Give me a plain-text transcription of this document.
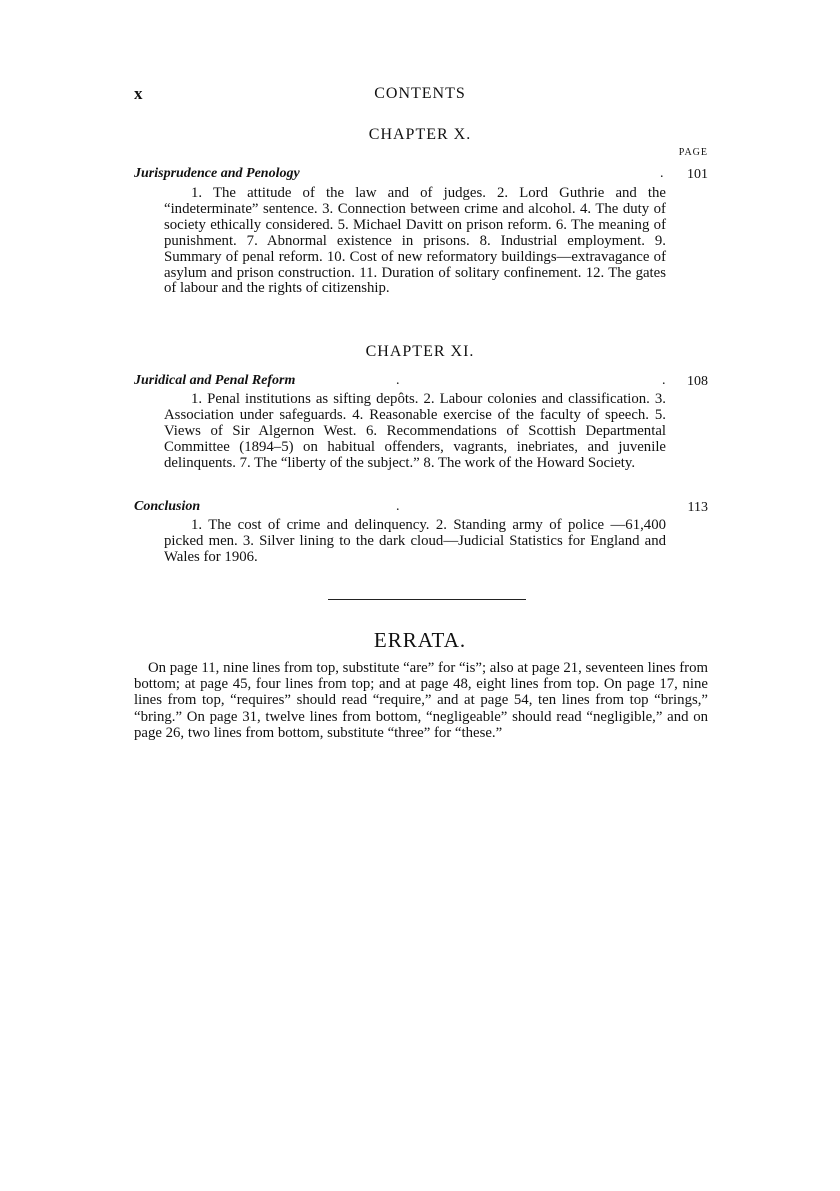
x	CONTENTS
CHAPTER X.
PAGE
Jurisprudence and Penology	.	101
1. The attitude of the law and of judges. 2. Lord Guthrie and the “indeterminate” sentence. 3. Connection between crime and alcohol. 4. The duty of society ethically considered. 5. Michael Davitt on prison reform. 6. The meaning of punishment. 7. Abnormal existence in prisons. 8. Industrial employment. 9. Summary of penal reform. 10. Cost of new reformatory buildings—extravagance of asylum and prison construction. 11. Duration of solitary confinement. 12. The gates of labour and the rights of citizenship.
CHAPTER XI.
Juridical and Penal Reform	.	.	108
1. Penal institutions as sifting depôts. 2. Labour colonies and classification. 3. Association under safeguards. 4. Reasonable exercise of the faculty of speech. 5. Views of Sir Algernon West. 6. Recommendations of Scottish Departmental Committee (1894–5) on habitual offenders, vagrants, inebriates, and juvenile delinquents. 7. The “liberty of the subject.” 8. The work of the Howard Society.
Conclusion	.	113
1. The cost of crime and delinquency. 2. Standing army of police —61,400 picked men. 3. Silver lining to the dark cloud—Judicial Statistics for England and Wales for 1906.
ERRATA.
On page 11, nine lines from top, substitute “are” for “is”; also at page 21, seventeen lines from bottom; at page 45, four lines from top; and at page 48, eight lines from top. On page 17, nine lines from top, “requires” should read “require,” and at page 54, ten lines from top “brings,” “bring.” On page 31, twelve lines from bottom, “negligeable” should read “negligible,” and on page 26, two lines from bottom, substitute “three” for “these.”
